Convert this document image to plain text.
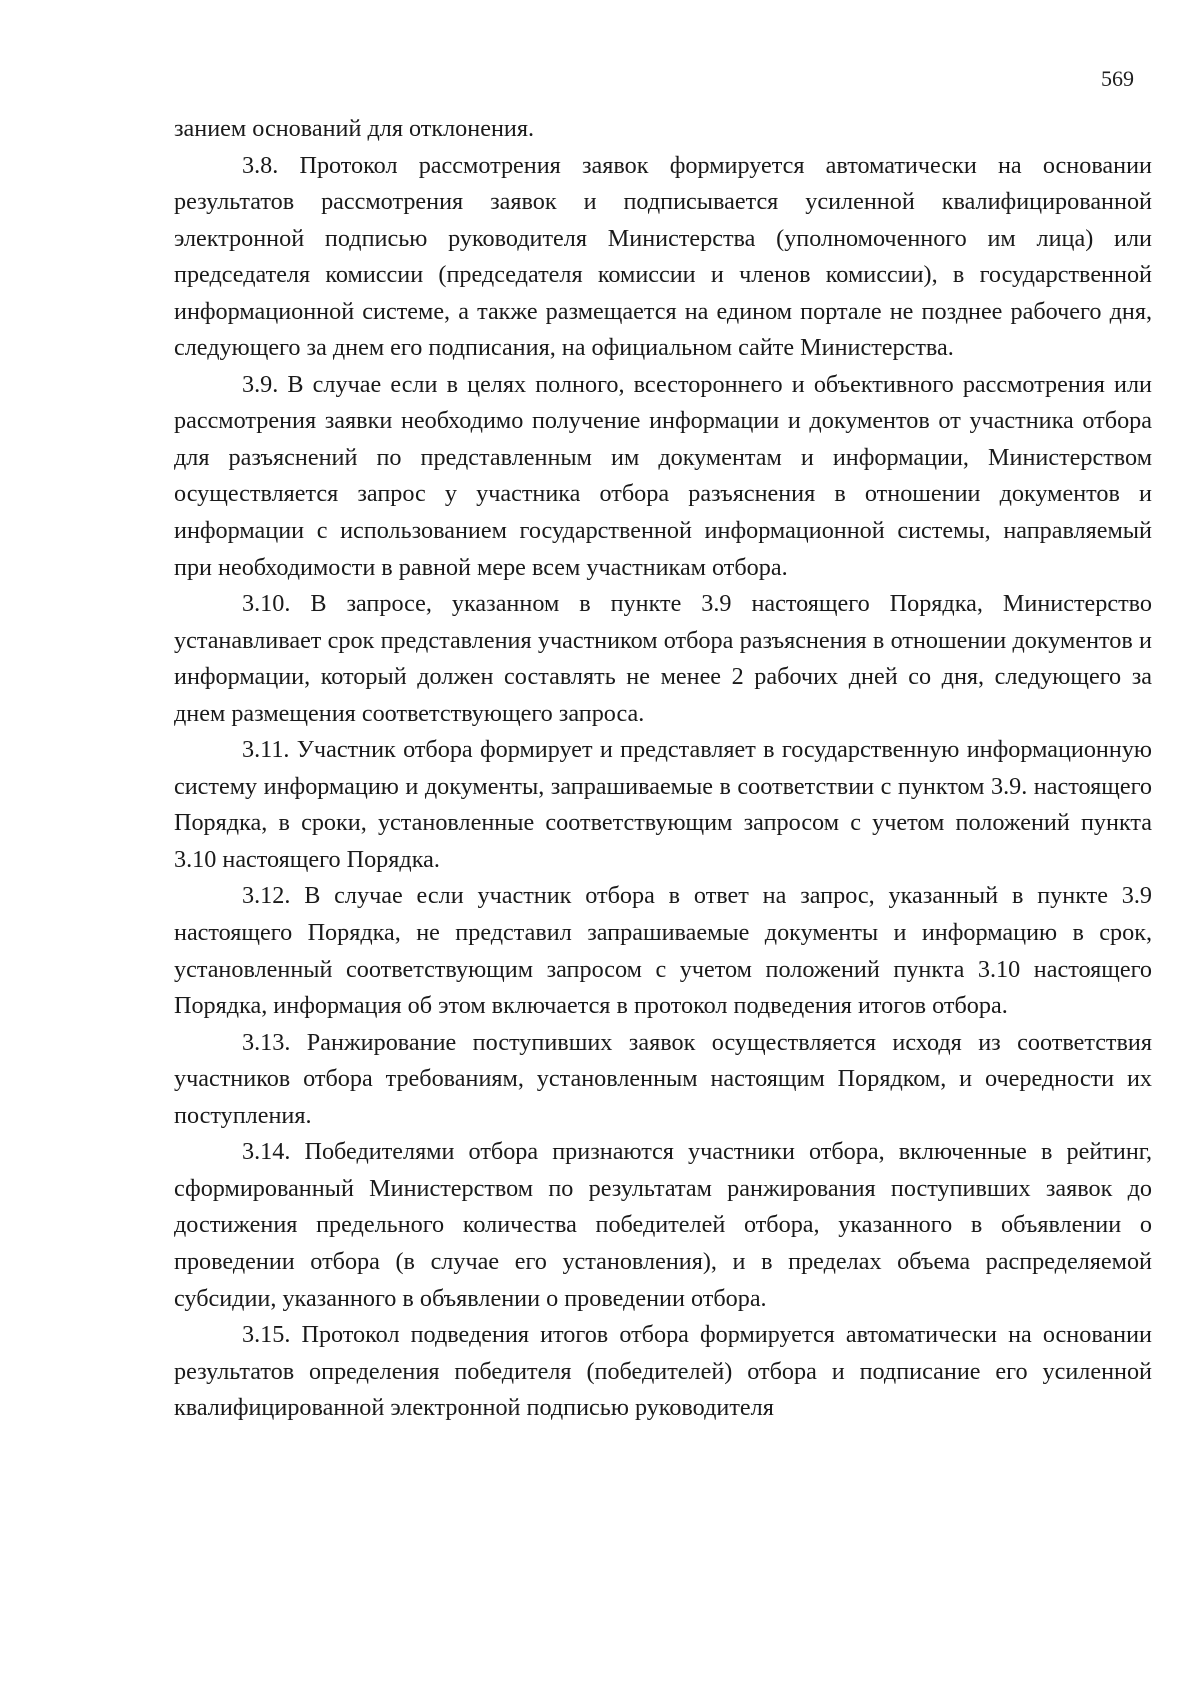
569

занием оснований для отклонения.

3.8. Протокол рассмотрения заявок формируется автоматически на основании результатов рассмотрения заявок и подписывается усиленной квалифицированной электронной подписью руководителя Министерства (уполномоченного им лица) или председателя комиссии (председателя комиссии и членов комиссии), в государственной информационной системе, а также размещается на едином портале не позднее рабочего дня, следующего за днем его подписания, на официальном сайте Министерства.

3.9. В случае если в целях полного, всестороннего и объективного рассмотрения или рассмотрения заявки необходимо получение информации и документов от участника отбора для разъяснений по представленным им документам и информации, Министерством осуществляется запрос у участника отбора разъяснения в отношении документов и информации с использованием государственной информационной системы, направляемый при необходимости в равной мере всем участникам отбора.

3.10. В запросе, указанном в пункте 3.9 настоящего Порядка, Министерство устанавливает срок представления участником отбора разъяснения в отношении документов и информации, который должен составлять не менее 2 рабочих дней со дня, следующего за днем размещения соответствующего запроса.

3.11. Участник отбора формирует и представляет в государственную информационную систему информацию и документы, запрашиваемые в соответствии с пунктом 3.9. настоящего Порядка, в сроки, установленные соответствующим запросом с учетом положений пункта 3.10 настоящего Порядка.

3.12. В случае если участник отбора в ответ на запрос, указанный в пункте 3.9 настоящего Порядка, не представил запрашиваемые документы и информацию в срок, установленный соответствующим запросом с учетом положений пункта 3.10 настоящего Порядка, информация об этом включается в протокол подведения итогов отбора.

3.13. Ранжирование поступивших заявок осуществляется исходя из соответствия участников отбора требованиям, установленным настоящим Порядком, и очередности их поступления.

3.14. Победителями отбора признаются участники отбора, включенные в рейтинг, сформированный Министерством по результатам ранжирования поступивших заявок до достижения предельного количества победителей отбора, указанного в объявлении о проведении отбора (в случае его установления), и в пределах объема распределяемой субсидии, указанного в объявлении о проведении отбора.

3.15. Протокол подведения итогов отбора формируется автоматически на основании результатов определения победителя (победителей) отбора и подписание его усиленной квалифицированной электронной подписью руководителя
